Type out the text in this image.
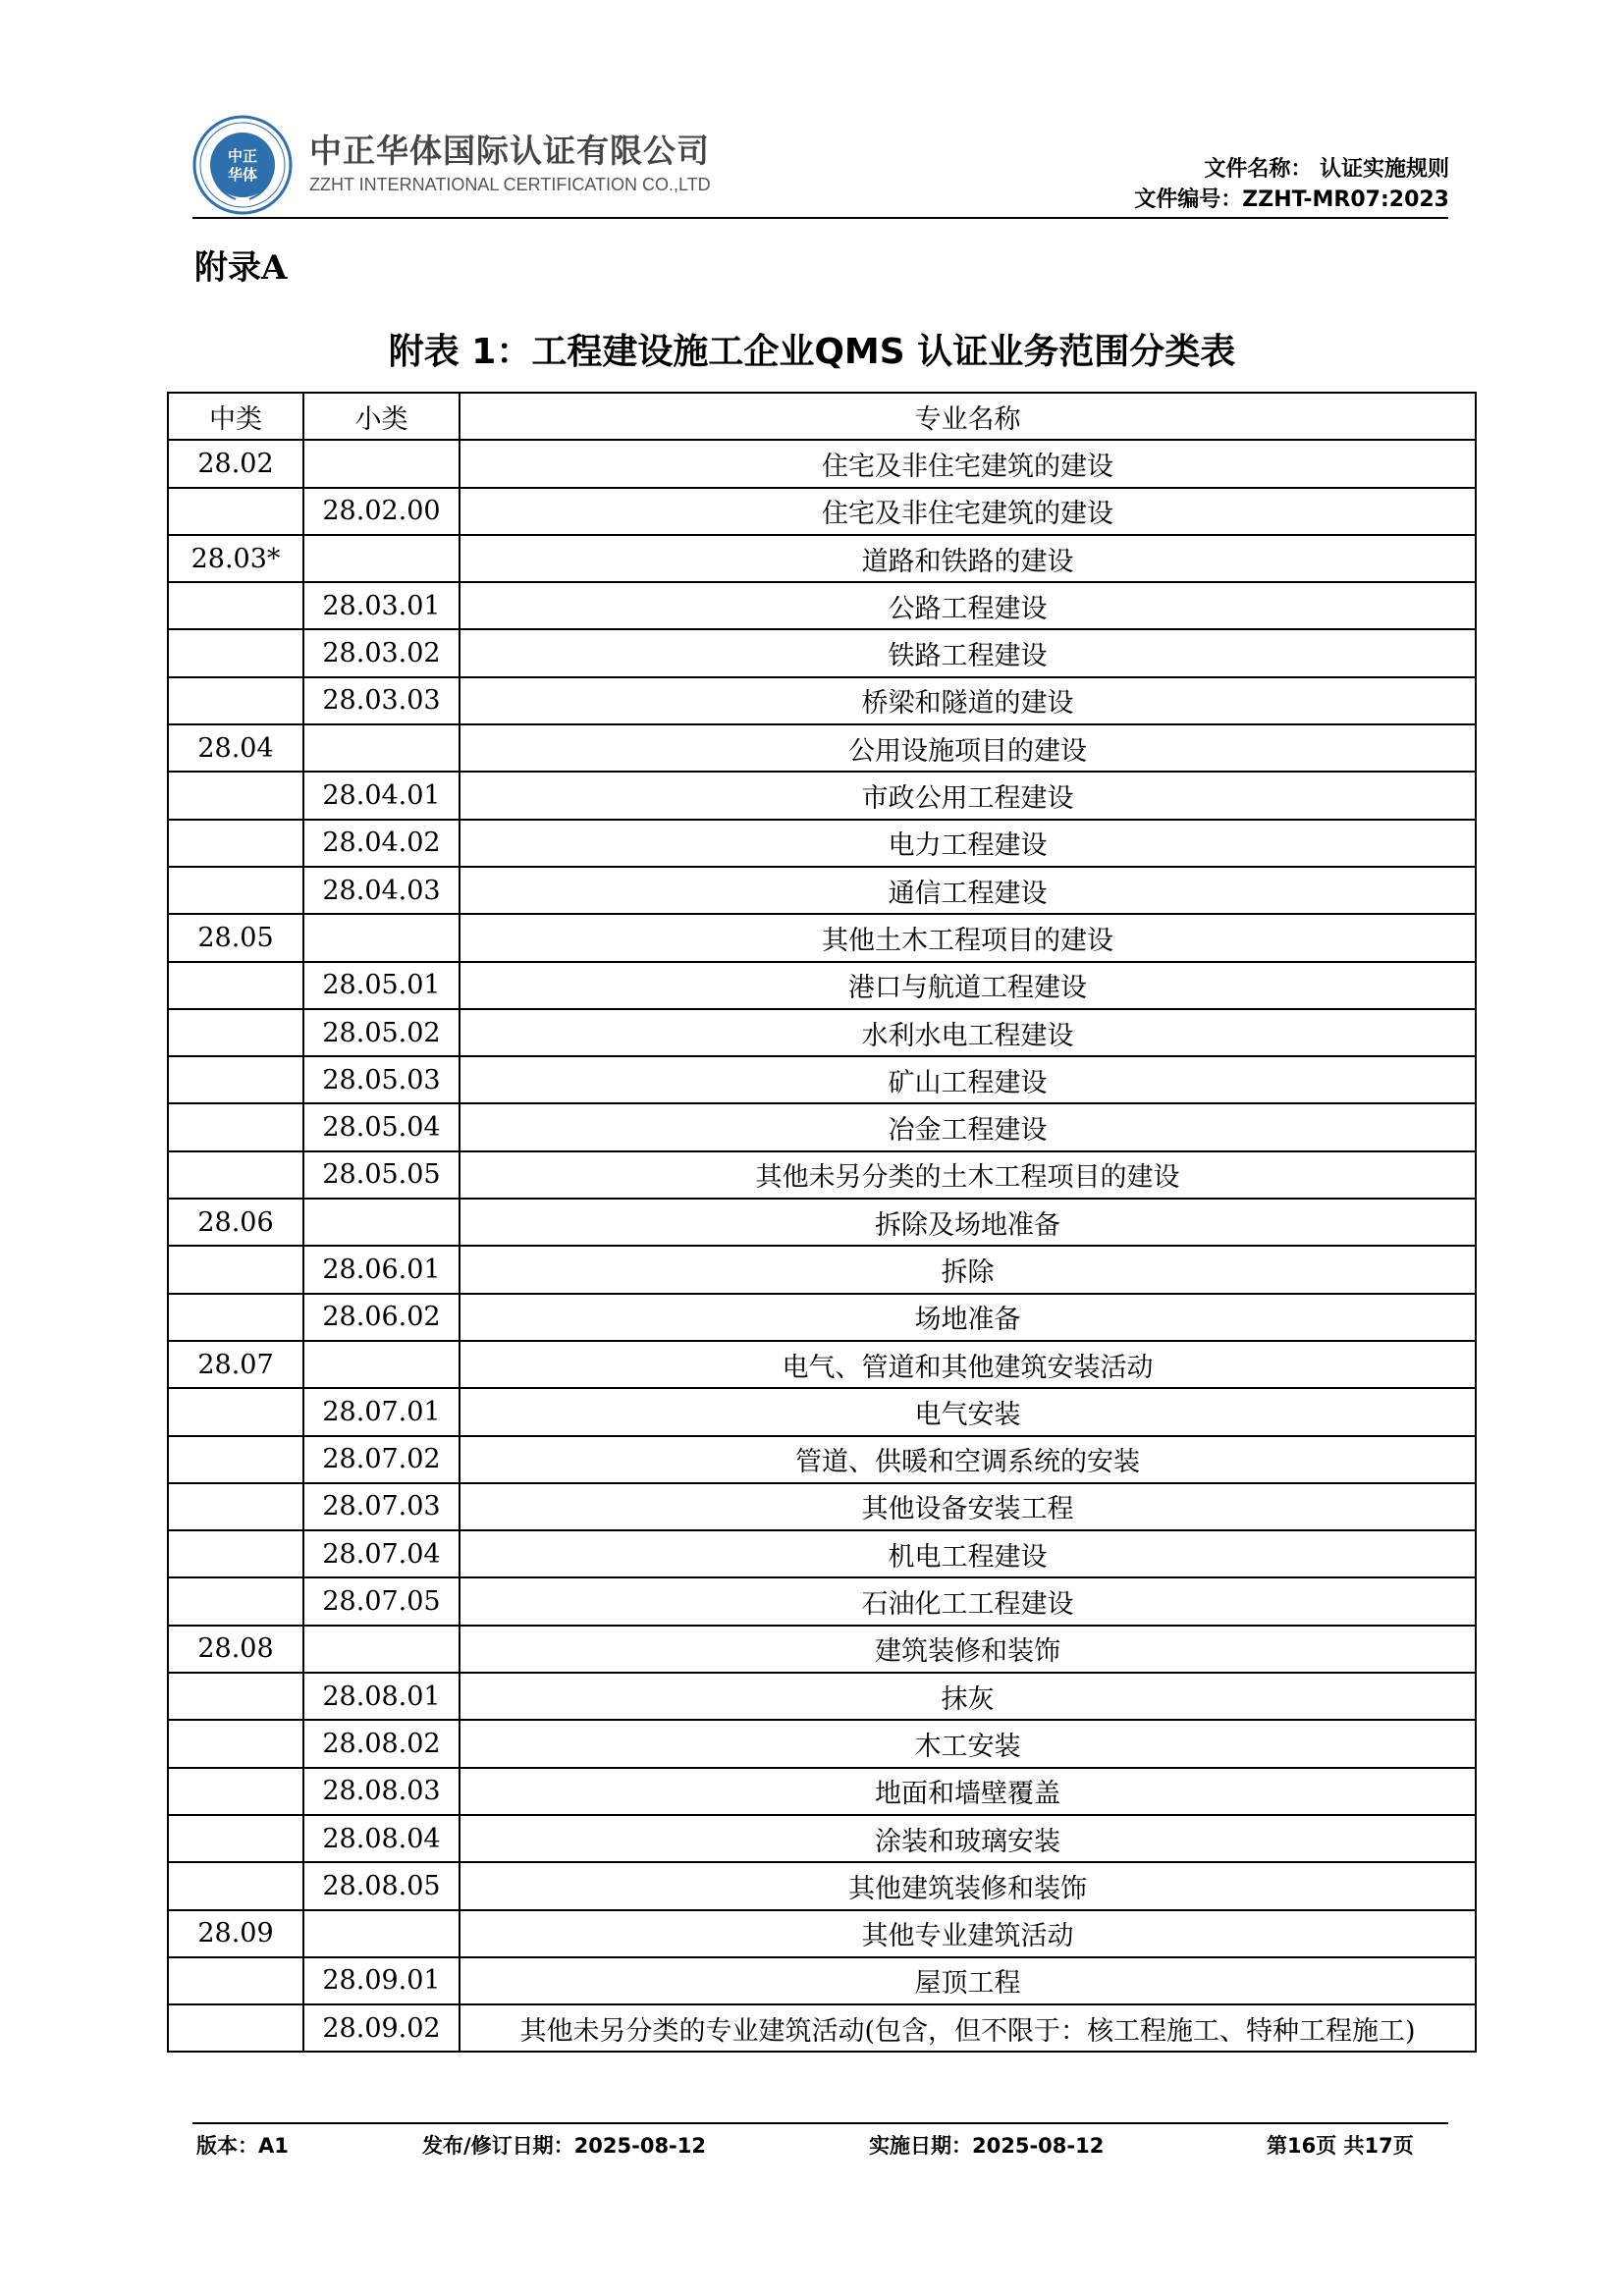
中正
华体
中正华体国际认证有限公司
ZZHT INTERNATIONAL CERTIFICATION CO.,LTD
文件名称： 认证实施规则
文件编号：ZZHT-MR07:2023
附录A
附表 1：工程建设施工企业QMS 认证业务范围分类表
中类	小类	专业名称
28.02		住宅及非住宅建筑的建设
	28.02.00	住宅及非住宅建筑的建设
28.03*		道路和铁路的建设
	28.03.01	公路工程建设
	28.03.02	铁路工程建设
	28.03.03	桥梁和隧道的建设
28.04		公用设施项目的建设
	28.04.01	市政公用工程建设
	28.04.02	电力工程建设
	28.04.03	通信工程建设
28.05		其他土木工程项目的建设
	28.05.01	港口与航道工程建设
	28.05.02	水利水电工程建设
	28.05.03	矿山工程建设
	28.05.04	冶金工程建设
	28.05.05	其他未另分类的土木工程项目的建设
28.06		拆除及场地准备
	28.06.01	拆除
	28.06.02	场地准备
28.07		电气、管道和其他建筑安装活动
	28.07.01	电气安装
	28.07.02	管道、供暖和空调系统的安装
	28.07.03	其他设备安装工程
	28.07.04	机电工程建设
	28.07.05	石油化工工程建设
28.08		建筑装修和装饰
	28.08.01	抹灰
	28.08.02	木工安装
	28.08.03	地面和墙壁覆盖
	28.08.04	涂装和玻璃安装
	28.08.05	其他建筑装修和装饰
28.09		其他专业建筑活动
	28.09.01	屋顶工程
	28.09.02	其他未另分类的专业建筑活动(包含，但不限于：核工程施工、特种工程施工)
版本：A1	发布/修订日期：2025-08-12	实施日期：2025-08-12	第16页 共17页
